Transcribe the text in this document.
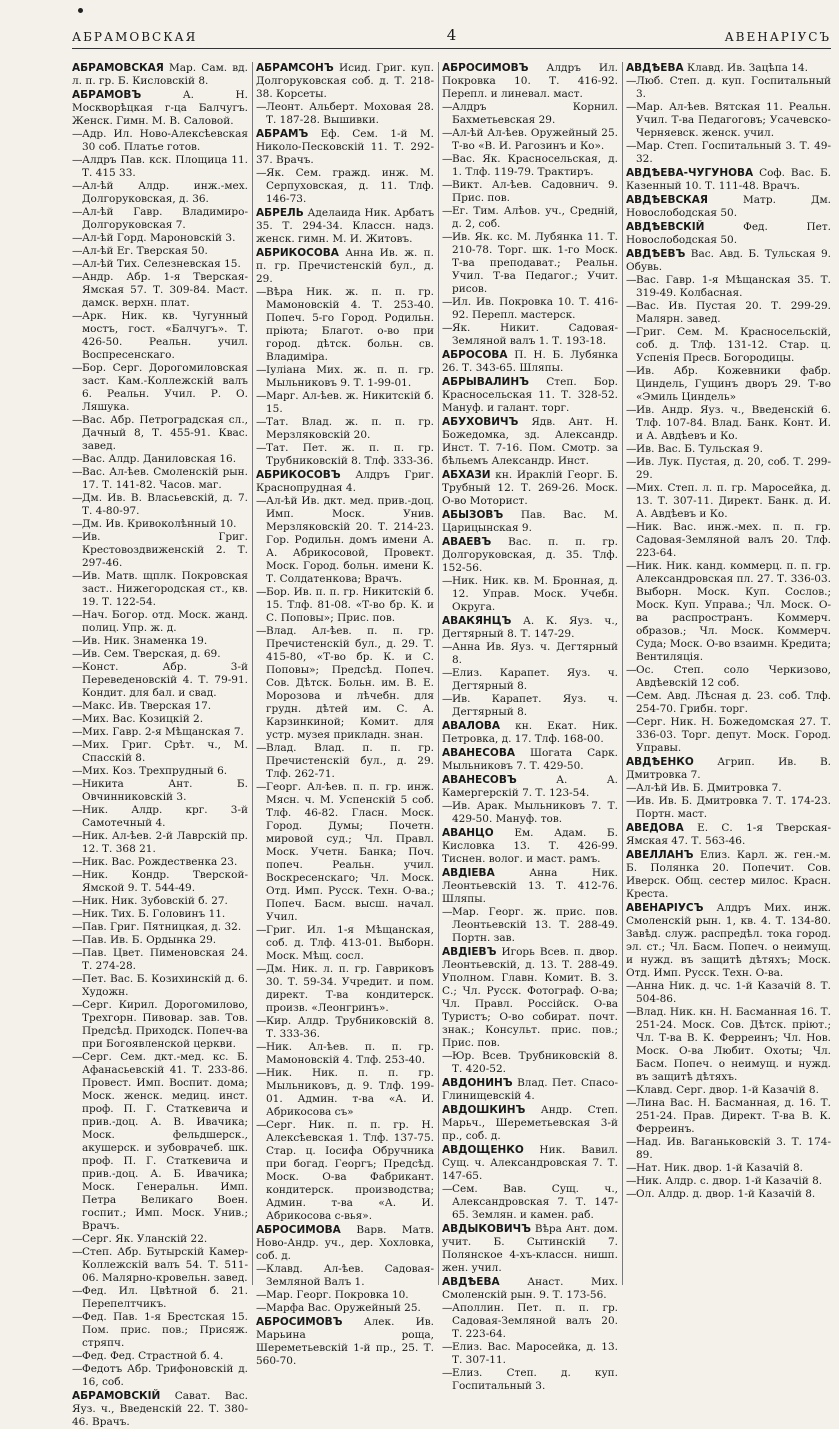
АБРАМОВСКАЯ	4	АВЕНАРIУСЪ
АБРАМОВСКАЯ Мар. Сам. вд. л. п. гр. Б. Кисловскій 8.
АБРАМОВЪ	А. Н. Москворѣцкая г-ца Балчугъ. Женск. Гимн. М. В. Саловой.
—Адр. Ил. Ново-Алексѣевская 30 соб. Платье готов.
—Алдръ Пав. кск. Площица 11. Т. 415 33.
—Ал-ѣй Алдр. инж.-мех. Долгоруковская, д. 36.
—Ал-ѣй Гавр. Владимиро-Долгоруковская 7.
—Ал-ѣй Горд. Мароновскій 3.
—Ал-ѣй Ег. Тверская 50.
—Ал-ѣй Тих. Селезневская 15.
—Андр. Абр. 1-я Тверская-Ямская 57. Т. 309-84. Маст. дамск. верхн. плат.
—Арк. Ник. кв. Чугунный мостъ, гост. «Балчугъ». Т. 426-50. Реальн. учил. Воспресенскаго.
—Бор. Серг. Дорогомиловская заст. Кам.-Коллежскій валъ 6. Реальн. Учил. Р. О. Ляшука.
—Вас. Абр. Петроградская сл., Дачный 8, Т. 455-91. Квас. завед.
—Вас. Алдр. Даниловская 16.
—Вас. Ал-ѣев. Смоленскій рын. 17. Т. 141-82. Часов. маг.
—Дм. Ив. В. Власьевскій, д. 7. Т. 4-80-97.
—Дм. Ив. Кривоколѣнный 10.
—Ив. Григ. Крестовоздвиженскій 2. Т. 297-46.
—Ив. Матв. щплк. Покровская заст.. Нижегородская ст., кв. 19. Т. 122-54.
—Нач. Богор. отд. Моск. жанд. полиц. Упр. ж. д.
—Ив. Ник. Знаменка 19.
—Ив. Сем. Тверская, д. 69.
—Конст. Абр. 3-й Переведеновскій 4. Т. 79-91. Кондит. для бал. и свад.
—Макс. Ив. Тверская 17.
—Мих. Вас. Козицкій 2.
—Мих. Гавр. 2-я Мѣщанская 7.
—Мих. Григ. Срѣт. ч., М. Спасскій 8.
—Мих. Коз. Трехпрудный 6.
—Никита Ант. Б. Овчинниковскій 3.
—Ник. Алдр. крг. 3-й Самотечный 4.
—Ник. Ал-ѣев. 2-й Лаврскій пр. 12. Т. 368 21.
—Ник. Вас. Рождественка 23.
—Ник. Кондр. Тверской-Ямской 9. Т. 544-49.
—Ник. Ник. Зубовскій б. 27.
—Ник. Тих. Б. Головинъ 11.
—Пав. Григ. Пятницкая, д. 32.
—Пав. Ив. Б. Ордынка 29.
—Пав. Цвет. Пименовская 24. Т. 274-28.
—Пет. Вас. Б. Козихинскій д. 6. Художн.
—Серг. Кирил. Дорогомилово, Трехгорн. Пивовар. зав. Тов. Предсѣд. Приходск. Попеч-ва при Богоявленской церкви.
—Серг. Сем. дкт.-мед. кс. Б. Афанасьевскій 41. Т. 233-86. Провест. Имп. Воспит. дома; Моск. женск. медиц. инст. проф. П. Г. Статкевича и прив.-доц. А. В. Ивачика; Моск. фельдшерск., акушерск. и зубоврачеб. шк. проф. П. Г. Статкевича и прив.-доц. А. Б. Ивачика; Моск. Генеральн. Имп. Петра Великаго Воен. госпит.; Имп. Моск. Унив.; Врачъ.
—Серг. Як. Уланскій 22.
—Степ. Абр. Бутырскій Камер-Коллежскій валъ 54. Т. 511-06. Малярно-кровельн. завед.
—Фед. Ил. Цвѣтной б. 21. Перепелтчикъ.
—Фед. Пав. 1-я Брестская 15. Пом. прис. пов.; Присяж. стряпч.
—Фед. Фед. Страстной б. 4.
—Федотъ Абр. Трифоновскій д. 16, соб.
АБРАМОВСКІЙ Сават. Вас. Яуз. ч., Введенскій 22. Т. 380-46. Врачъ.
АБРАМСОНЪ Исид. Григ. куп. Долгоруковская соб. д. Т. 218-38. Корсеты.
—Леонт. Альберт. Моховая 28. Т. 187-28. Вышивки.
АБРАМЪ Еф. Сем. 1-й М. Николо-Песковскій 11. Т. 292-37. Врачъ.
—Як. Сем. гражд. инж. М. Серпуховская, д. 11. Тлф. 146-73.
АБРЕЛЬ Аделаида Ник. Арбатъ 35. Т. 294-34. Классн. надз. женск. гимн. М. И. Житовъ.
АБРИКОСОВА Анна Ив. ж. п. п. гр. Пречистенскій бул., д. 29.
—Вѣра Ник. ж. п. п. гр. Мамоновскій 4. Т. 253-40. Попеч. 5-го Город. Родильн. пріюта; Благот. о-во при город. дѣтск. больн. св. Владиміра.
—Іуліана Мих. ж. п. п. гр. Мыльниковъ 9. Т. 1-99-01.
—Марг. Ал-ѣев. ж. Никитскій б. 15.
—Тат. Влад. ж. п. п. гр. Мерзляковскій 20.
—Тат. Пет. ж. п. п. гр. Трубниковскій 8. Тлф. 333-36.
АБРИКОСОВЪ Алдръ Григ. Краснопрудная 4.
—Ал-ѣй Ив. дкт. мед. прив.-доц. Имп. Моск. Унив. Мерзляковскій 20. Т. 214-23. Гор. Родильн. домъ имени А. А. Абрикосовой, Провект. Моск. Город. больн. имени К. Т. Солдатенкова; Врачъ.
—Бор. Ив. п. п. гр. Никитскій б. 15. Тлф. 81-08. «Т-во бр. К. и С. Поповы»; Прис. пов.
—Влад. Ал-ѣев. п. п. гр. Пречистенскій бул., д. 29. Т. 415-80, «Т-во бр. К. и С. Поповы»; Предсѣд. Попеч. Сов. Дѣтск. Больн. им. В. Е. Морозова и лѣчебн. для грудн. дѣтей им. С. А. Карзинкиной; Комит. для устр. музея прикладн. знан.
—Влад. Влад. п. п. гр. Пречистенскій бул., д. 29. Тлф. 262-71.
—Георг. Ал-ѣев. п. п. гр. инж. Мясн. ч. М. Успенскій 5 соб. Тлф. 46-82. Гласн. Моск. Город. Думы; Почетн. мировой суд.; Чл. Правл. Моск. Учетн. Банка; Поч. попеч. Реальн. учил. Воскресенскаго; Чл. Моск. Отд. Имп. Русск. Техн. О-ва.; Попеч. Басм. высш. начал. Учил.
—Григ. Ил. 1-я Мѣщанская, соб. д. Тлф. 413-01. Выборн. Моск. Мѣщ. сосл.
—Дм. Ник. л. п. гр. Гавриковъ 30. Т. 59-34. Учредит. и пом. директ. Т-ва кондитерск. произв. «Леонгринъ».
—Кир. Алдр. Трубниковскій 8. Т. 333-36.
—Ник. Ал-ѣев. п. п. гр. Мамоновскій 4. Тлф. 253-40.
—Ник. Ник. п. п. гр. Мыльниковъ, д. 9. Тлф. 199-01. Админ. т-ва «А. И. Абрикосова съ»
—Серг. Ник. п. п. гр. Н. Алексѣевская 1. Тлф. 137-75. Стар. ц. Іосифа Обручника при богад. Георгъ; Предсѣд. Моск. О-ва Фабрикант. кондитерск. производства; Админ. т-ва «А. И. Абрикосова с-вья».
АБРОСИМОВА Варв. Матв. Ново-Андр. уч., дер. Хохловка, соб. д.
—Клавд. Ал-ѣев. Садовая-Земляной Валъ 1.
—Мар. Георг. Покровка 10.
—Марфа Вас. Оружейный 25.
АБРОСИМОВЪ Алек. Ив. Марьина роща, Шереметьевскій 1-й пр., 25. Т. 560-70.
АБРОСИМОВЪ Алдръ Ил. Покровка 10. Т. 416-92. Перепл. и линевал. маст.
—Алдръ Корнил. Бахметьевская 29.
—Ал-ѣй Ал-ѣев. Оружейный 25. Т-во «В. И. Рагозинъ и Ко».
—Вас. Як. Красносельская, д. 1. Тлф. 119-79. Трактиръ.
—Викт. Ал-ѣев. Садовнич. 9. Прис. пов.
—Ег. Тим. Алѣов. уч., Средній, д. 2, соб.
—Ив. Як. кс. М. Лубянка 11. Т. 210-78. Торг. шк. 1-го Моск. Т-ва преподават.; Реальн. Учил. Т-ва Педагог.; Учит. рисов.
—Ил. Ив. Покровка 10. Т. 416-92. Перепл. мастерск.
—Як. Никит. Садовая-Земляной валъ 1. Т. 193-18.
АБРОСОВА П. Н. Б. Лубянка 26. Т. 343-65. Шляпы.
АБРЫВАЛИНЪ Степ. Бор. Красносельская 11. Т. 328-52. Мануф. и галант. торг.
АБУХОВИЧЪ Ядв. Ант. Н. Божедомка, зд. Александр. Инст. Т. 7-16. Пом. Смотр. за бѣльемъ Александр. Инст.
АБХАЗИ кн. Ираклій Георг. Б. Трубный 12. Т. 269-26. Моск. О-во Моторист.
АБЫЗОВЪ Пав. Вас. М. Царицынская 9.
АВАЕВЪ Вас. п. п. гр. Долгоруковская, д. 35. Тлф. 152-56.
—Ник. Ник. кв. М. Бронная, д. 12. Управ. Моск. Учебн. Округа.
АВАКЯНЦЪ А. К. Яуз. ч., Дегтярный 8. Т. 147-29.
—Анна Ив. Яуз. ч. Дегтярный 8.
—Елиз. Карапет. Яуз. ч. Дегтярный 8.
—Ив. Карапет. Яуз. ч. Дегтярный 8.
АВАЛОВА кн. Екат. Ник. Петровка, д. 17. Тлф. 168-00.
АВАНЕСОВА Шогата Сарк. Мыльниковъ 7. Т. 429-50.
АВАНЕСОВЪ	А. А. Камергерскій 7. Т. 123-54.
—Ив. Арак. Мыльниковъ 7. Т. 429-50. Мануф. тов.
АВАНЦО Ем. Адам. Б. Кисловка 13. Т. 426-99. Тиснен. волог. и маст. рамъ.
АВДІЕВА	Анна Ник. Леонтьевскій 13. Т. 412-76. Шляпы.
—Мар. Георг. ж. прис. пов. Леонтьевскій 13. Т. 288-49. Портн. зав.
АВДІЕВЪ Игорь Всев. п. двор. Леонтьевскій, д. 13. Т. 288-49. Уполном. Главн. Комит. В. З. С.; Чл. Русск. Фотограф. О-ва; Чл. Правл. Россійск. О-ва Туристъ; О-во собират. почт. знак.; Консульт. прис. пов.; Прис. пов.
—Юр. Всев. Трубниковскій 8. Т. 420-52.
АВДОНИНЪ Влад. Пет. Спасо-Глинищевскій 4.
АВДОШКИНЪ Андр. Степ. Марьч., Шереметьевская 3-й пр., соб. д.
АВДОЩЕНКО Ник. Вавил. Сущ. ч. Александровская 7. Т. 147-65.
—Сем. Вав. Сущ. ч., Александровская 7. Т. 147-65. Землян. и камен. раб.
АВДЫКОВИЧЪ Вѣра Ант. дом. учит. Б. Сытинскій 7. Полянское 4-хъ-классн. нишп. жен. учил.
АВДѢЕВА	Анаст. Мих. Смоленскій рын. 9. Т. 173-56.
—Аполлин. Пет. п. п. гр. Садовая-Земляной валъ 20. Т. 223-64.
—Елиз. Вас. Маросейка, д. 13. Т. 307-11.
—Елиз. Степ. д. куп. Госпитальный 3.
АВДѢЕВА Клавд. Ив. Зацѣпа 14.
—Люб. Степ. д. куп. Госпитальный 3.
—Мар. Ал-ѣев. Вятская 11. Реальн. Учил. Т-ва Педагоговъ; Усачевско-Черняевск. женск. учил.
—Мар. Степ. Госпитальный 3. Т. 49-32.
АВДѢЕВА-ЧУГУНОВА Соф. Вас. Б. Казенный 10. Т. 111-48. Врачъ.
АВДѢЕВСКАЯ	Матр. Дм. Новослободская 50.
АВДѢЕВСКІЙ	Фед. Пет. Новослободская 50.
АВДѢЕВЪ Вас. Авд. Б. Тульская 9. Обувь.
—Вас. Гавр. 1-я Мѣщанская 35. Т. 319-49. Колбасная.
—Вас. Ив. Пустая 20. Т. 299-29. Малярн. завед.
—Григ. Сем. М. Красносельскій, соб. д. Тлф. 131-12. Стар. ц. Успенія Пресв. Богородицы.
—Ив. Абр. Кожевники фабр. Циндель, Гущинъ дворъ 29. Т-во «Эмиль Циндель»
—Ив. Андр. Яуз. ч., Введенскій 6. Тлф. 107-84. Влад. Банк. Конт. И. и А. Авдѣевъ и Ко.
—Ив. Вас. Б. Тульская 9.
—Ив. Лук. Пустая, д. 20, соб. Т. 299-29.
—Мих. Степ. л. п. гр. Маросейка, д. 13. Т. 307-11. Директ. Банк. д. И. А. Авдѣевъ и Ко.
—Ник. Вас. инж.-мех. п. п. гр. Садовая-Земляной валъ 20. Тлф. 223-64.
—Ник. Ник. канд. коммерц. п. п. гр. Александровская пл. 27. Т. 336-03. Выборн. Моск. Куп. Сослов.; Моск. Куп. Управа.; Чл. Моск. О-ва распространъ. Коммерч. образов.; Чл. Моск. Коммерч. Суда; Моск. О-во взаимн. Кредита; Вентиляція.
—Ос. Степ. соло Черкизово, Авдѣевскій 12 соб.
—Сем. Авд. Лѣсная д. 23. соб. Тлф. 254-70. Грибн. торг.
—Серг. Ник. Н. Божедомская 27. Т. 336-03. Торг. депут. Моск. Город. Управы.
АВДѢЕНКО Агрип. Ив. В. Дмитровка 7.
—Ал-ѣй Ив. Б. Дмитровка 7.
—Ив. Ив. Б. Дмитровка 7. Т. 174-23. Портн. маст.
АВЕДОВА Е. С. 1-я Тверская-Ямская 47. Т. 563-46.
АВЕЛЛАНЪ Елиз. Карл. ж. ген.-м. Б. Полянка 20. Попечит. Сов. Иверск. Общ. сестер милос. Красн. Креста.
АВЕНАРІУСЪ Алдръ Мих. инж. Смоленскій рын. 1, кв. 4. Т. 134-80. Завѣд. служ. распредѣл. тока город. эл. ст.; Чл. Басм. Попеч. о неимущ. и нужд. въ защитѣ дѣтяхъ; Моск. Отд. Имп. Русск. Техн. О-ва.
—Анна Ник. д. чс. 1-й Казачій 8. Т. 504-86.
—Влад. Ник. кн. Н. Басманная 16. Т. 251-24. Моск. Сов. Дѣтск. пріют.; Чл. Т-ва В. К. Ферреинъ; Чл. Нов. Моск. О-ва Любит. Охоты; Чл. Басм. Попеч. о неимущ. и нужд. въ защитѣ дѣтяхъ.
—Клавд. Серг. двор. 1-й Казачій 8.
—Лина Вас. Н. Басманная, д. 16. Т. 251-24. Прав. Директ. Т-ва В. К. Ферреинъ.
—Над. Ив. Ваганьковскій 3. Т. 174-89.
—Нат. Ник. двор. 1-й Казачій 8.
—Ник. Алдр. с. двор. 1-й Казачій 8.
—Ол. Алдр. д. двор. 1-й Казачій 8.
